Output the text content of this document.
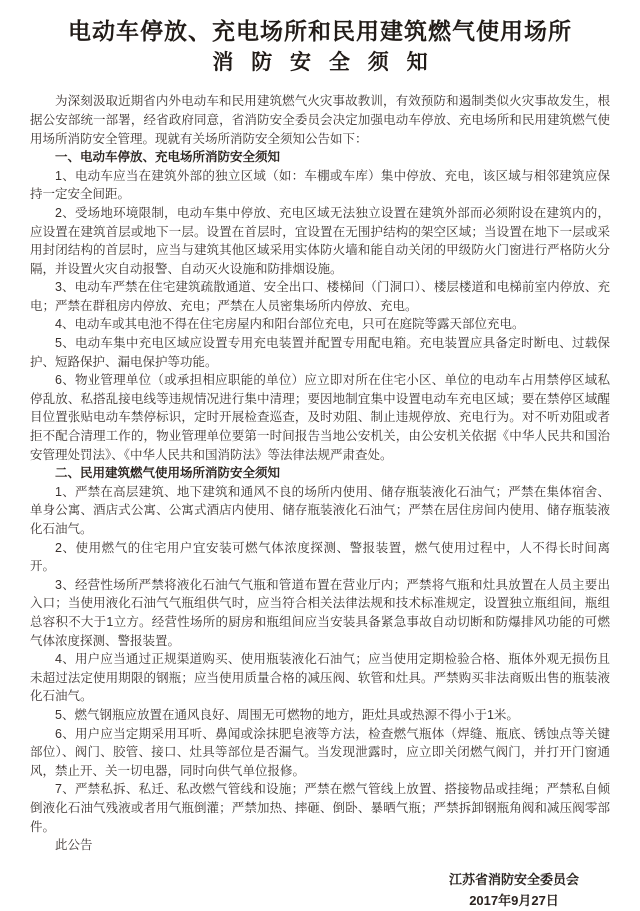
电动车停放、充电场所和民用建筑燃气使用场所
消防安全须知

为深刻汲取近期省内外电动车和民用建筑燃气火灾事故教训，有效预防和遏制类似火灾事故发生，根据公安部统一部署，经省政府同意，省消防安全委员会决定加强电动车停放、充电场所和民用建筑燃气使用场所消防安全管理。现就有关场所消防安全须知公告如下：

一、电动车停放、充电场所消防安全须知

1、电动车应当在建筑外部的独立区域（如：车棚或车库）集中停放、充电，该区域与相邻建筑应保持一定安全间距。

2、受场地环境限制，电动车集中停放、充电区域无法独立设置在建筑外部而必须附设在建筑内的，应设置在建筑首层或地下一层。设置在首层时，宜设置在无围护结构的架空区域；当设置在地下一层或采用封闭结构的首层时，应当与建筑其他区域采用实体防火墙和能自动关闭的甲级防火门窗进行严格防火分隔，并设置火灾自动报警、自动灭火设施和防排烟设施。

3、电动车严禁在住宅建筑疏散通道、安全出口、楼梯间（门洞口）、楼层楼道和电梯前室内停放、充电；严禁在群租房内停放、充电；严禁在人员密集场所内停放、充电。

4、电动车或其电池不得在住宅房屋内和阳台部位充电，只可在庭院等露天部位充电。

5、电动车集中充电区域应设置专用充电装置并配置专用配电箱。充电装置应具备定时断电、过载保护、短路保护、漏电保护等功能。

6、物业管理单位（或承担相应职能的单位）应立即对所在住宅小区、单位的电动车占用禁停区域私停乱放、私搭乱接电线等违规情况进行集中清理；要因地制宜集中设置电动车充电区域；要在禁停区域醒目位置张贴电动车禁停标识，定时开展检查巡查，及时劝阻、制止违规停放、充电行为。对不听劝阻或者拒不配合清理工作的，物业管理单位要第一时间报告当地公安机关，由公安机关依据《中华人民共和国治安管理处罚法》、《中华人民共和国消防法》等法律法规严肃查处。

二、民用建筑燃气使用场所消防安全须知

1、严禁在高层建筑、地下建筑和通风不良的场所内使用、储存瓶装液化石油气；严禁在集体宿舍、单身公寓、酒店式公寓、公寓式酒店内使用、储存瓶装液化石油气；严禁在居住房间内使用、储存瓶装液化石油气。

2、使用燃气的住宅用户宜安装可燃气体浓度探测、警报装置，燃气使用过程中，人不得长时间离开。

3、经营性场所严禁将液化石油气气瓶和管道布置在营业厅内；严禁将气瓶和灶具放置在人员主要出入口；当使用液化石油气气瓶组供气时，应当符合相关法律法规和技术标准规定，设置独立瓶组间，瓶组总容积不大于1立方。经营性场所的厨房和瓶组间应当安装具备紧急事故自动切断和防爆排风功能的可燃气体浓度探测、警报装置。

4、用户应当通过正规渠道购买、使用瓶装液化石油气；应当使用定期检验合格、瓶体外观无损伤且未超过法定使用期限的钢瓶；应当使用质量合格的减压阀、软管和灶具。严禁购买非法商贩出售的瓶装液化石油气。

5、燃气钢瓶应放置在通风良好、周围无可燃物的地方，距灶具或热源不得小于1米。

6、用户应当定期采用耳听、鼻闻或涂抹肥皂液等方法，检查燃气瓶体（焊缝、瓶底、锈蚀点等关键部位）、阀门、胶管、接口、灶具等部位是否漏气。当发现泄露时，应立即关闭燃气阀门，并打开门窗通风，禁止开、关一切电器，同时向供气单位报修。

7、严禁私拆、私迁、私改燃气管线和设施；严禁在燃气管线上放置、搭接物品或挂绳；严禁私自倾倒液化石油气残液或者用气瓶倒灌；严禁加热、摔砸、倒卧、暴晒气瓶；严禁拆卸钢瓶角阀和减压阀零部件。

此公告

江苏省消防安全委员会

2017年9月27日
